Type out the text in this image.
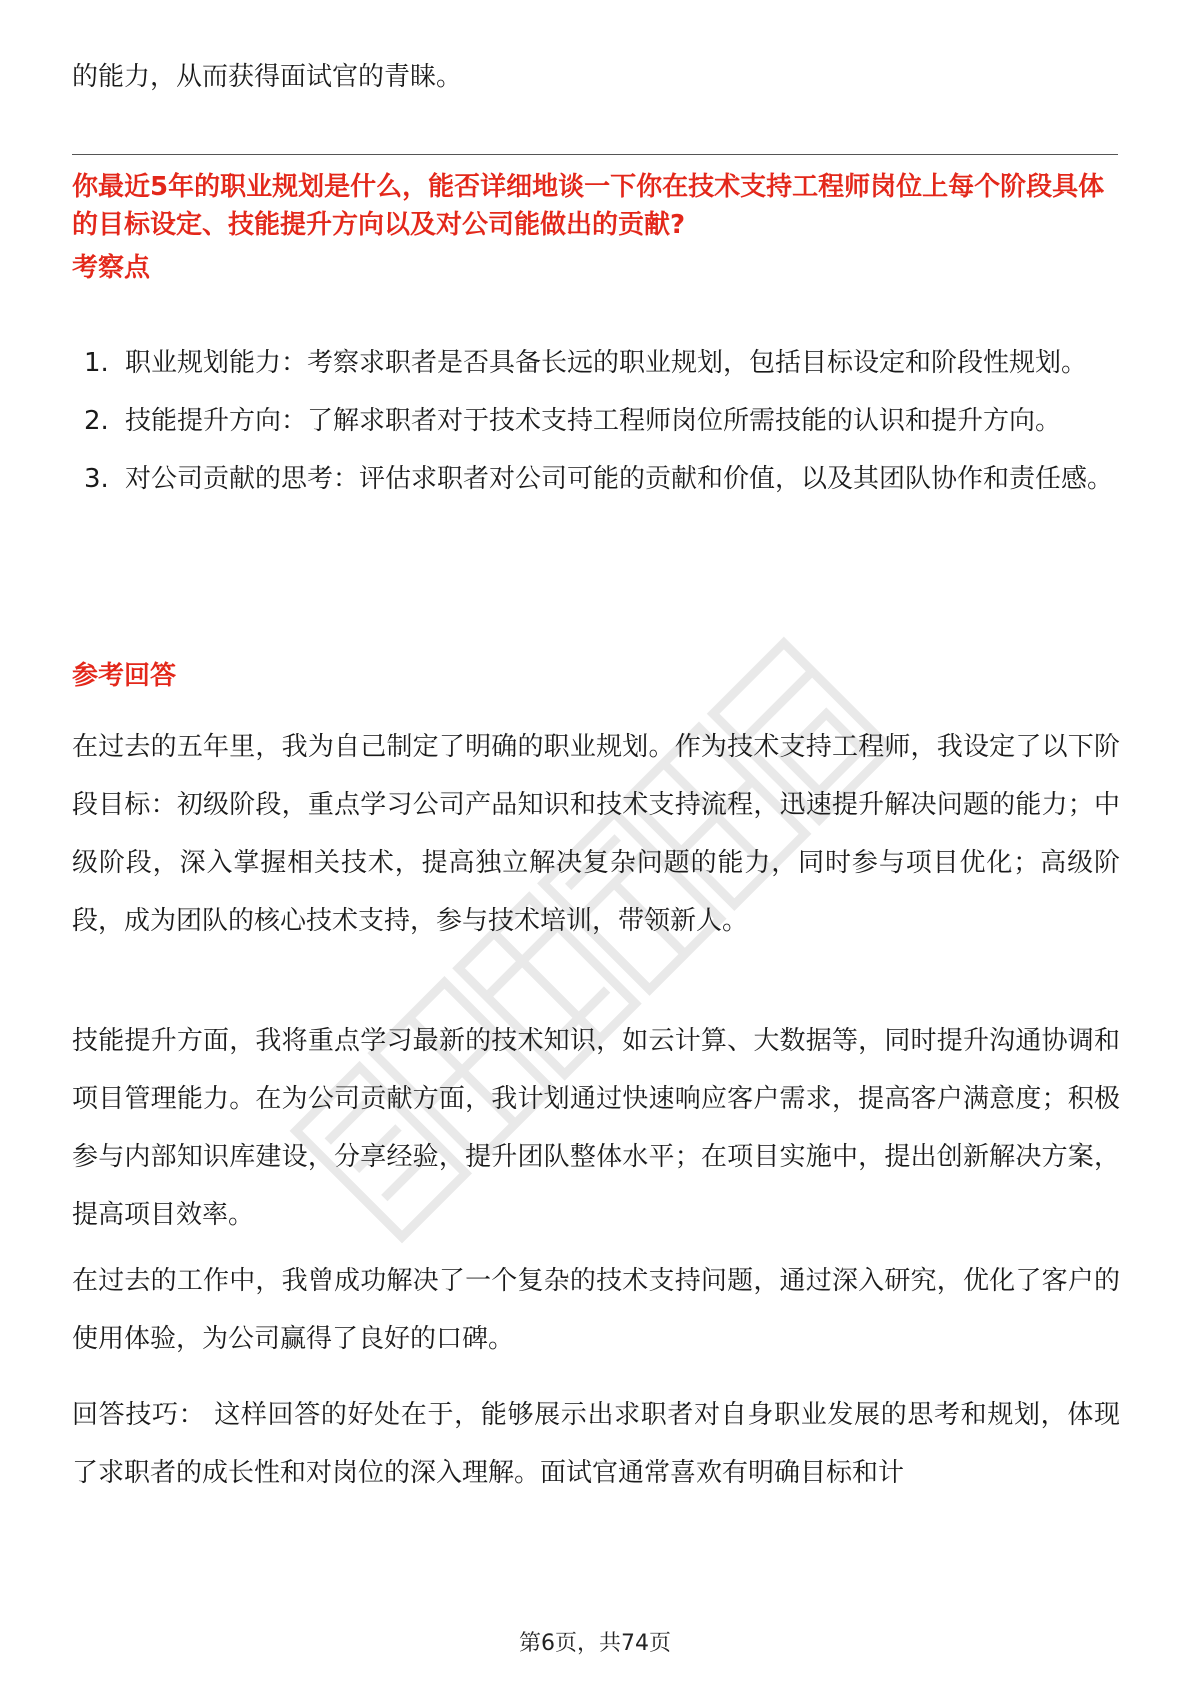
的能力，从而获得面试官的青睐。

你最近5年的职业规划是什么，能否详细地谈一下你在技术支持工程师岗位上每个阶段具体的目标设定、技能提升方向以及对公司能做出的贡献?

考察点

1. 职业规划能力：考察求职者是否具备长远的职业规划，包括目标设定和阶段性规划。
2. 技能提升方向：了解求职者对于技术支持工程师岗位所需技能的认识和提升方向。
3. 对公司贡献的思考：评估求职者对公司可能的贡献和价值，以及其团队协作和责任感。

参考回答

在过去的五年里，我为自己制定了明确的职业规划。作为技术支持工程师，我设定了以下阶段目标：初级阶段，重点学习公司产品知识和技术支持流程，迅速提升解决问题的能力；中级阶段，深入掌握相关技术，提高独立解决复杂问题的能力，同时参与项目优化；高级阶段，成为团队的核心技术支持，参与技术培训，带领新人。

技能提升方面，我将重点学习最新的技术知识，如云计算、大数据等，同时提升沟通协调和项目管理能力。在为公司贡献方面，我计划通过快速响应客户需求，提高客户满意度；积极参与内部知识库建设，分享经验，提升团队整体水平；在项目实施中，提出创新解决方案，提高项目效率。

在过去的工作中，我曾成功解决了一个复杂的技术支持问题，通过深入研究，优化了客户的使用体验，为公司赢得了良好的口碑。

回答技巧： 这样回答的好处在于，能够展示出求职者对自身职业发展的思考和规划，体现了求职者的成长性和对岗位的深入理解。面试官通常喜欢有明确目标和计

第6页，共74页
